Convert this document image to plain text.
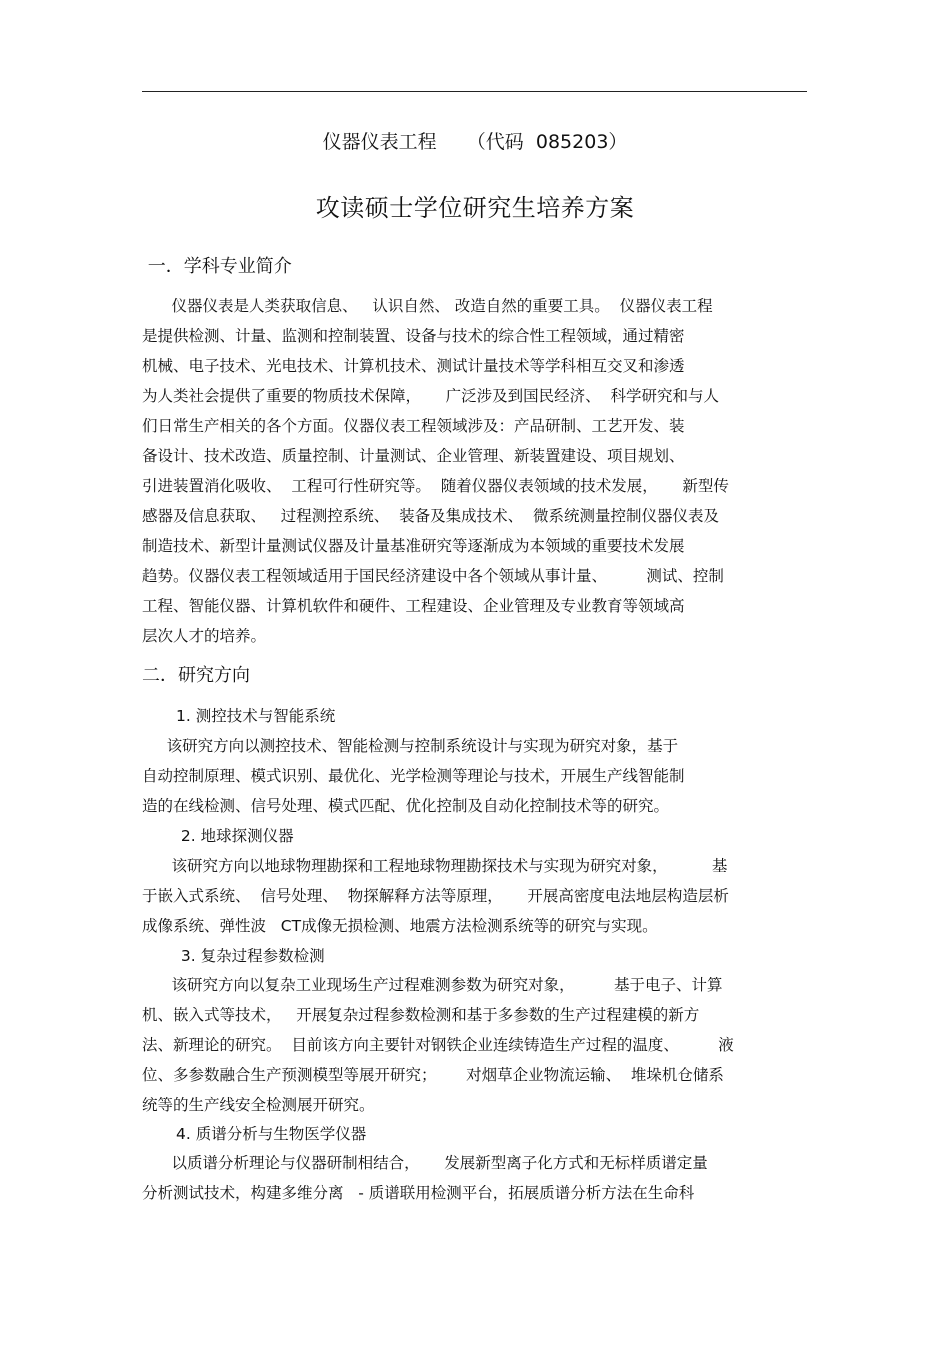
仪器仪表工程     （代码  085203）
攻读硕士学位研究生培养方案
一．学科专业简介
仪器仪表是人类获取信息、   认识自然、 改造自然的重要工具。  仪器仪表工程
是提供检测、计量、监测和控制装置、设备与技术的综合性工程领域，通过精密
机械、电子技术、光电技术、计算机技术、测试计量技术等学科相互交叉和渗透
为人类社会提供了重要的物质技术保障，     广泛涉及到国民经济、  科学研究和与人
们日常生产相关的各个方面。仪器仪表工程领域涉及：产品研制、工艺开发、装
备设计、技术改造、质量控制、计量测试、企业管理、新装置建设、项目规划、
引进装置消化吸收、  工程可行性研究等。  随着仪器仪表领域的技术发展，     新型传
感器及信息获取、   过程测控系统、  装备及集成技术、  微系统测量控制仪器仪表及
制造技术、新型计量测试仪器及计量基准研究等逐渐成为本领域的重要技术发展
趋势。仪器仪表工程领域适用于国民经济建设中各个领域从事计量、        测试、控制
工程、智能仪器、计算机软件和硬件、工程建设、企业管理及专业教育等领域高
层次人才的培养。
二．研究方向
1. 测控技术与智能系统
该研究方向以测控技术、智能检测与控制系统设计与实现为研究对象，基于
自动控制原理、模式识别、最优化、光学检测等理论与技术，开展生产线智能制
造的在线检测、信号处理、模式匹配、优化控制及自动化控制技术等的研究。
2. 地球探测仪器
该研究方向以地球物理勘探和工程地球物理勘探技术与实现为研究对象，         基
于嵌入式系统、  信号处理、  物探解释方法等原理，     开展高密度电法地层构造层析
成像系统、弹性波   CT成像无损检测、地震方法检测系统等的研究与实现。
3. 复杂过程参数检测
该研究方向以复杂工业现场生产过程难测参数为研究对象，        基于电子、计算
机、嵌入式等技术，   开展复杂过程参数检测和基于多参数的生产过程建模的新方
法、新理论的研究。  目前该方向主要针对钢铁企业连续铸造生产过程的温度、        液
位、多参数融合生产预测模型等展开研究；      对烟草企业物流运输、  堆垛机仓储系
统等的生产线安全检测展开研究。
4. 质谱分析与生物医学仪器
以质谱分析理论与仪器研制相结合，     发展新型离子化方式和无标样质谱定量
分析测试技术，构建多维分离   - 质谱联用检测平台，拓展质谱分析方法在生命科
